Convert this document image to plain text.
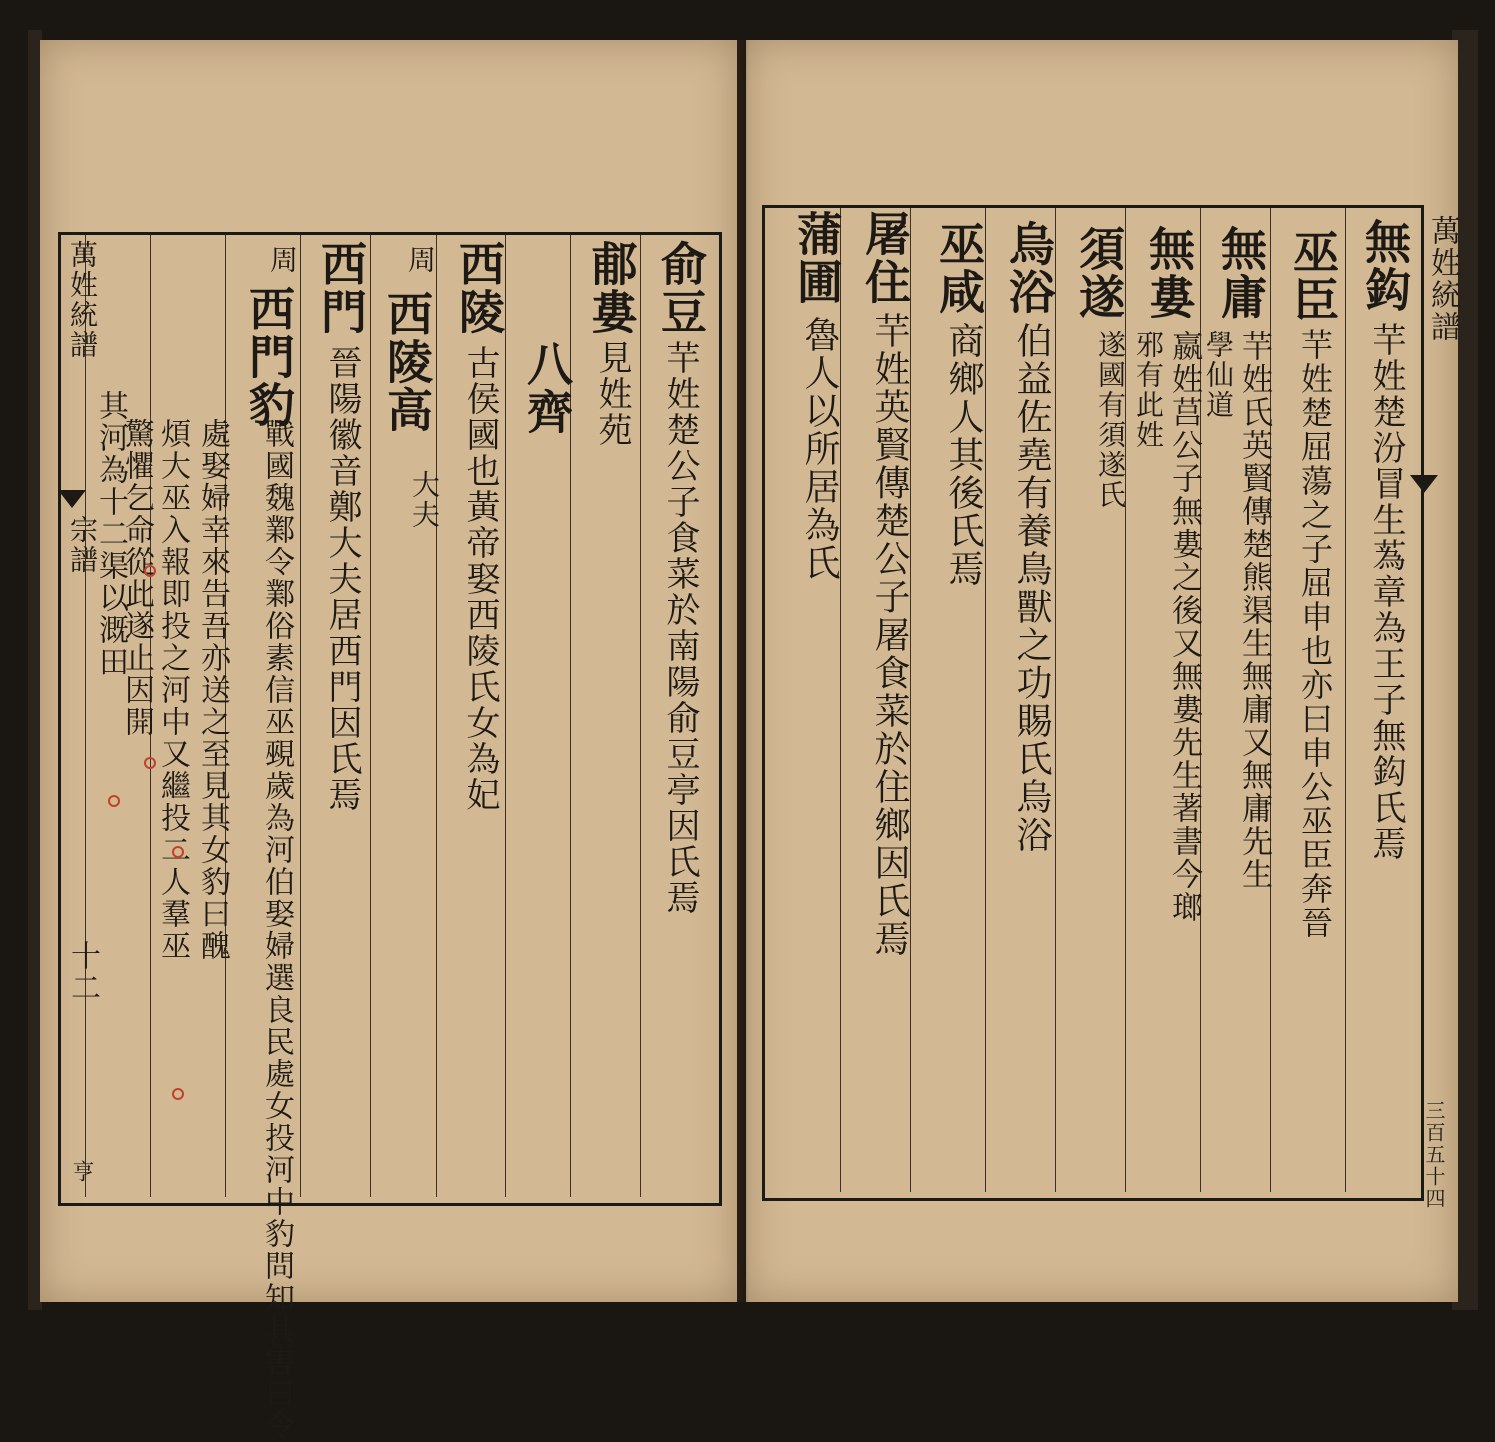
萬姓統譜
宗譜
十二
亨
俞豆
芉姓楚公子食菜於南陽俞豆亭因氏焉
郙婁
見姓苑
八齊
西陵
古侯國也黃帝娶西陵氏女為妃
周
西陵高
大夫
西門
晉陽徽音鄭大夫居西門因氏焉
周
西門豹
戰國魏鄴令鄴俗素信巫覡歲為河伯娶婦選良民處女投河中豹問知其害曰令
處娶婦幸來告吾亦送之至見其女豹曰醜
煩大巫入報即投之河中又繼投二人羣巫
驚懼乞命從此遂止因開
其河為十二渠以溉田
萬姓統譜
三百五十四
無鈎
芉姓楚汾冒生蒍章為王子無鈎氏焉
巫臣
芉姓楚屈蕩之子屈申也亦曰申公巫臣奔晉
無庸
芉姓氏英賢傳楚熊渠生無庸又無庸先生
學仙道
無婁
嬴姓莒公子無婁之後又無婁先生著書今瑯
邪有此姓
須遂
遂國有須遂氏
烏浴
伯益佐堯有養鳥獸之功賜氏烏浴
巫咸
商鄉人其後氏焉
屠住
芉姓英賢傳楚公子屠食菜於住鄉因氏焉
蒲圃
魯人以所居為氏
